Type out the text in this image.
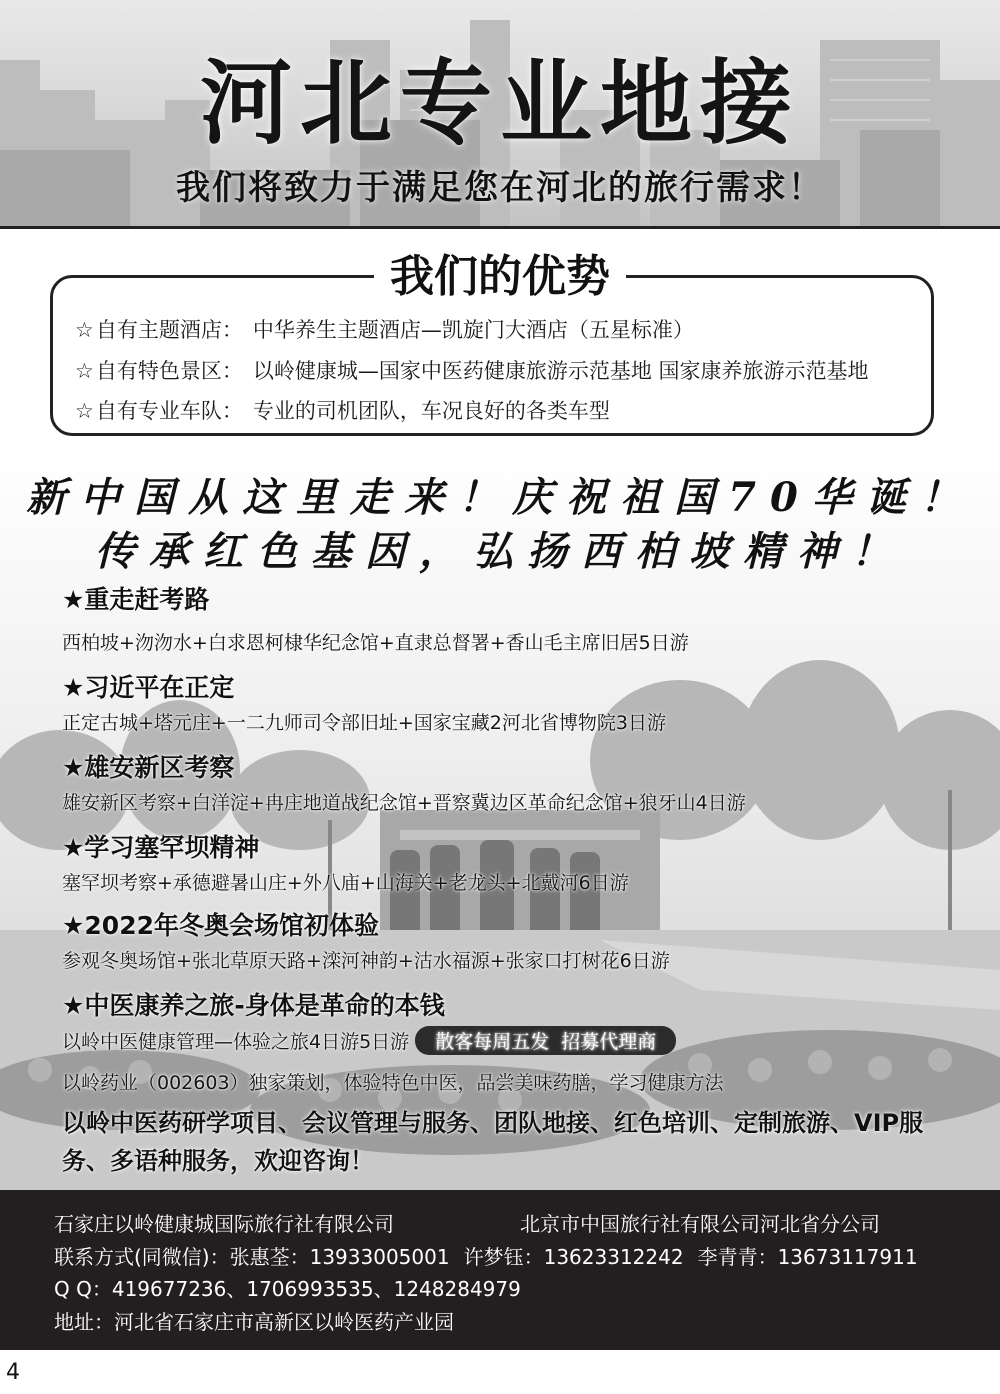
河北专业地接
我们将致力于满足您在河北的旅行需求！
我们的优势
☆自有主题酒店： 中华养生主题酒店—凯旋门大酒店（五星标准）
☆自有特色景区： 以岭健康城—国家中医药健康旅游示范基地 国家康养旅游示范基地
☆自有专业车队： 专业的司机团队，车况良好的各类车型
新中国从这里走来！庆祝祖国70华诞！
传承红色基因，弘扬西柏坡精神！
★重走赶考路
西柏坡+沕沕水+白求恩柯棣华纪念馆+直隶总督署+香山毛主席旧居5日游
★习近平在正定
正定古城+塔元庄+一二九师司令部旧址+国家宝藏2河北省博物院3日游
★雄安新区考察
雄安新区考察+白洋淀+冉庄地道战纪念馆+晋察冀边区革命纪念馆+狼牙山4日游
★学习塞罕坝精神
塞罕坝考察+承德避暑山庄+外八庙+山海关+老龙头+北戴河6日游
★2022年冬奥会场馆初体验
参观冬奥场馆+张北草原天路+滦河神韵+沽水福源+张家口打树花6日游
★中医康养之旅-身体是革命的本钱
以岭中医健康管理—体验之旅4日游5日游 散客每周五发 招募代理商
以岭药业（002603）独家策划，体验特色中医，品尝美味药膳，学习健康方法
以岭中医药研学项目、会议管理与服务、团队地接、红色培训、定制旅游、VIP服务、多语种服务，欢迎咨询！
石家庄以岭健康城国际旅行社有限公司	北京市中国旅行社有限公司河北省分公司
联系方式(同微信)：张惠荃：13933005001 许梦钰：13623312242 李青青：13673117911
Q Q：419677236、1706993535、1248284979
地址：河北省石家庄市高新区以岭医药产业园
4
